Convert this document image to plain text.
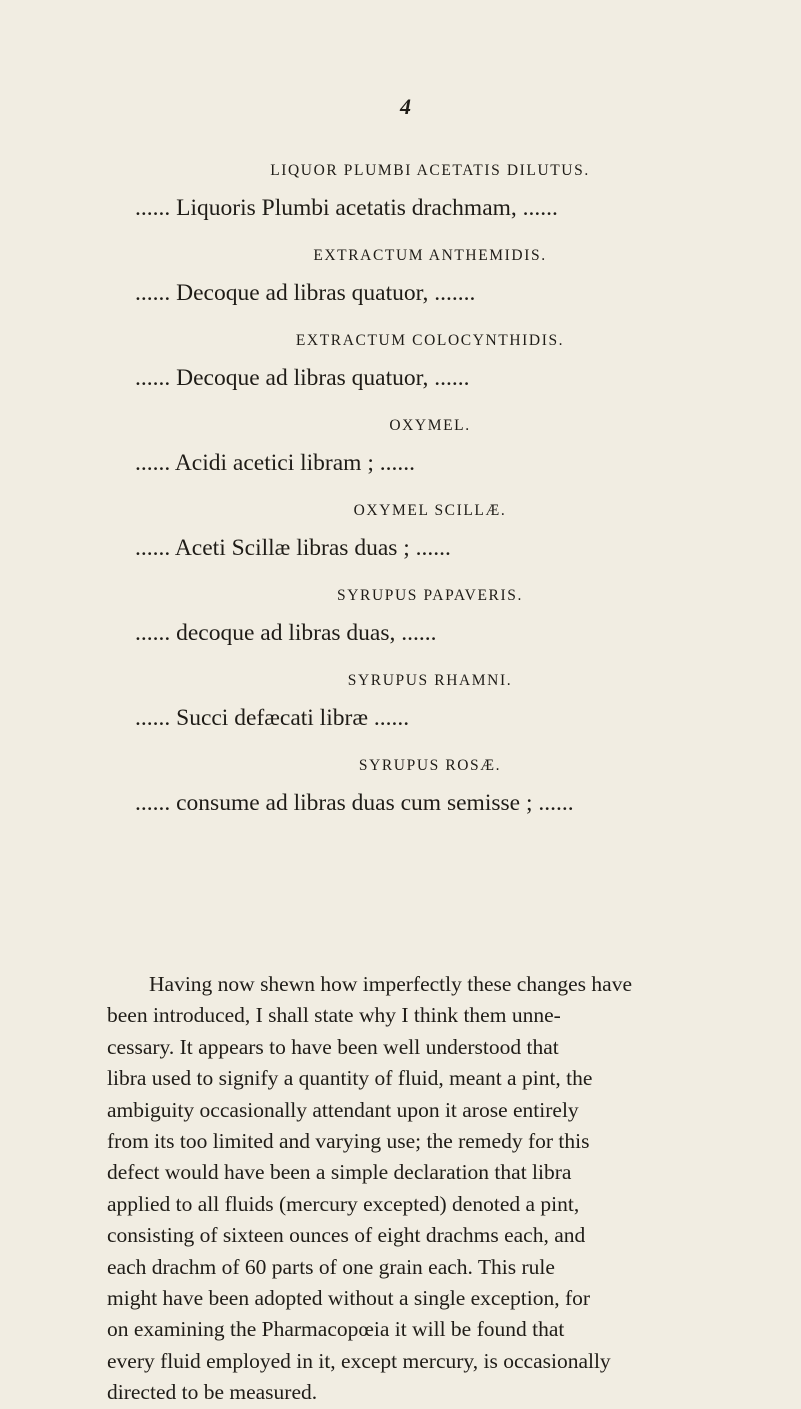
4
LIQUOR PLUMBI ACETATIS DILUTUS.
...... Liquoris Plumbi acetatis drachmam, ......
EXTRACTUM ANTHEMIDIS.
...... Decoque ad libras quatuor, .......
EXTRACTUM COLOCYNTHIDIS.
...... Decoque ad libras quatuor, ......
OXYMEL.
...... Acidi acetici libram ; ......
OXYMEL SCILLÆ.
...... Aceti Scillæ libras duas ; ......
SYRUPUS PAPAVERIS.
...... decoque ad libras duas, ......
SYRUPUS RHAMNI.
...... Succi defæcati libræ ......
SYRUPUS ROSÆ.
...... consume ad libras duas cum semisse ; ......
Having now shewn how imperfectly these changes have
been introduced, I shall state why I think them unne-
cessary. It appears to have been well understood that
libra used to signify a quantity of fluid, meant a pint, the
ambiguity occasionally attendant upon it arose entirely
from its too limited and varying use; the remedy for this
defect would have been a simple declaration that libra
applied to all fluids (mercury excepted) denoted a pint,
consisting of sixteen ounces of eight drachms each, and
each drachm of 60 parts of one grain each. This rule
might have been adopted without a single exception, for
on examining the Pharmacopœia it will be found that
every fluid employed in it, except mercury, is occasionally
directed to be measured.
